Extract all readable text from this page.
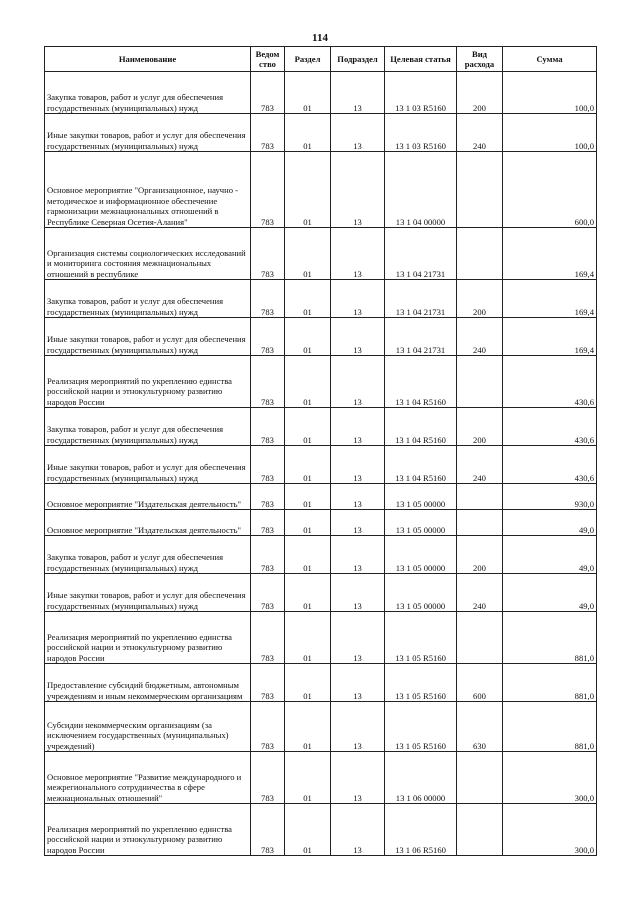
114
Наименование	Ведом ство	Раздел	Подраздел	Целевая статья	Вид расхода	Сумма
Закупка товаров, работ и услуг для обеспечения государственных (муниципальных) нужд	783	01	13	13 1 03 R5160	200	100,0
Иные закупки товаров, работ и услуг для обеспечения государственных (муниципальных) нужд	783	01	13	13 1 03 R5160	240	100,0
Основное мероприятие "Организационное, научно - методическое и информационное обеспечение гармонизации межнациональных отношений в Республике Северная Осетия-Алания"	783	01	13	13 1 04 00000		600,0
Организация системы социологических исследований и мониторинга состояния межнациональных отношений в республике	783	01	13	13 1 04 21731		169,4
Закупка товаров, работ и услуг для обеспечения государственных (муниципальных) нужд	783	01	13	13 1 04 21731	200	169,4
Иные закупки товаров, работ и услуг для обеспечения государственных (муниципальных) нужд	783	01	13	13 1 04 21731	240	169,4
Реализация мероприятий по укреплению единства российской нации и этнокультурному развитию народов России	783	01	13	13 1 04 R5160		430,6
Закупка товаров, работ и услуг для обеспечения государственных (муниципальных) нужд	783	01	13	13 1 04 R5160	200	430,6
Иные закупки товаров, работ и услуг для обеспечения государственных (муниципальных) нужд	783	01	13	13 1 04 R5160	240	430,6
Основное мероприятие "Издательская деятельность"	783	01	13	13 1 05 00000		930,0
Основное мероприятие "Издательская деятельность"	783	01	13	13 1 05 00000		49,0
Закупка товаров, работ и услуг для обеспечения государственных (муниципальных) нужд	783	01	13	13 1 05 00000	200	49,0
Иные закупки товаров, работ и услуг для обеспечения государственных (муниципальных) нужд	783	01	13	13 1 05 00000	240	49,0
Реализация мероприятий по укреплению единства российской нации и этнокультурному развитию народов России	783	01	13	13 1 05 R5160		881,0
Предоставление субсидий бюджетным, автономным учреждениям и иным некоммерческим организациям	783	01	13	13 1 05 R5160	600	881,0
Субсидии некоммерческим организациям (за исключением государственных (муниципальных) учреждений)	783	01	13	13 1 05 R5160	630	881,0
Основное мероприятие "Развитие международного и межрегионального сотрудничества в сфере межнациональных отношений"	783	01	13	13 1 06 00000		300,0
Реализация мероприятий по укреплению единства российской нации и этнокультурному развитию народов России	783	01	13	13 1 06 R5160		300,0
